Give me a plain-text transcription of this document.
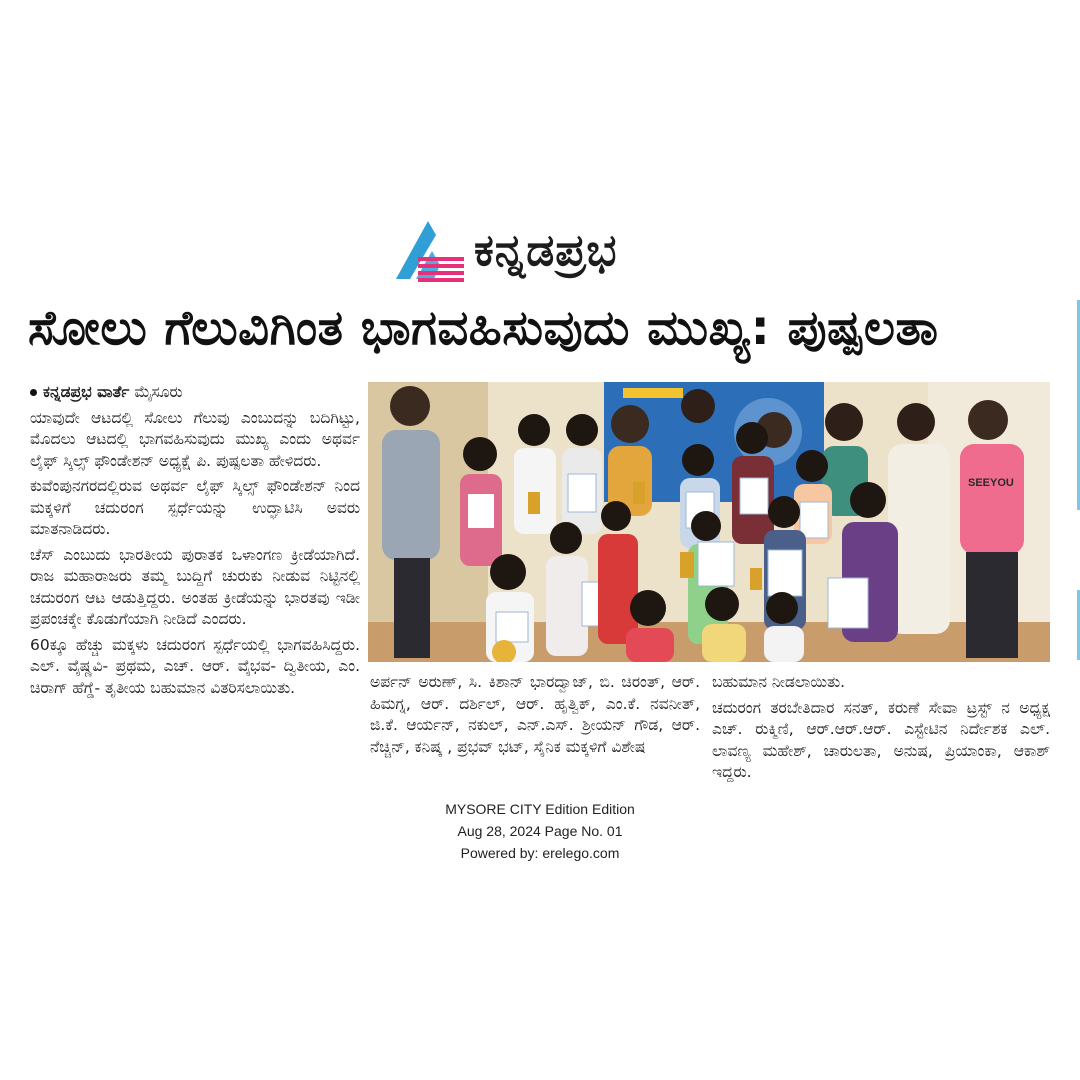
ಕನ್ನಡಪ್ರಭ
ಸೋಲು ಗೆಲುವಿಗಿಂತ ಭಾಗವಹಿಸುವುದು ಮುಖ್ಯ: ಪುಷ್ಪಲತಾ
ಕನ್ನಡಪ್ರಭ ವಾರ್ತೆ ಮೈಸೂರು

ಯಾವುದೇ ಆಟದಲ್ಲಿ ಸೋಲು ಗೆಲುವು ಎಂಬುದನ್ನು ಬದಿಗಿಟ್ಟು, ಮೊದಲು ಆಟದಲ್ಲಿ ಭಾಗವಹಿಸುವುದು ಮುಖ್ಯ ಎಂದು ಅಥರ್ವ ಲೈಫ್ ಸ್ಕಿಲ್ಸ್ ಫೌಂಡೇಶನ್ ಅಧ್ಯಕ್ಷೆ ಪಿ. ಪುಷ್ಪಲತಾ ಹೇಳಿದರು.

ಕುವೆಂಪುನಗರದಲ್ಲಿರುವ ಅಥರ್ವ ಲೈಫ್ ಸ್ಕಿಲ್ಸ್ ಫೌಂಡೇಶನ್ ನಿಂದ ಮಕ್ಕಳಿಗೆ ಚದುರಂಗ ಸ್ಪರ್ಧೆಯನ್ನು ಉದ್ಘಾಟಿಸಿ ಅವರು ಮಾತನಾಡಿದರು.

ಚೆಸ್ ಎಂಬುದು ಭಾರತೀಯ ಪುರಾತಕ ಒಳಾಂಗಣ ಕ್ರೀಡೆಯಾಗಿದೆ. ರಾಜ ಮಹಾರಾಜರು ತಮ್ಮ ಬುದ್ದಿಗೆ ಚುರುಕು ನೀಡುವ ನಿಟ್ಟಿನಲ್ಲಿ ಚದುರಂಗ ಆಟ ಆಡುತ್ತಿದ್ದರು. ಅಂತಹ ಕ್ರೀಡೆಯನ್ನು ಭಾರತವು ಇಡೀ ಪ್ರಪಂಚಕ್ಕೇ ಕೊಡುಗೆಯಾಗಿ ನೀಡಿದೆ ಎಂದರು.

60ಕ್ಕೂ ಹೆಚ್ಚು ಮಕ್ಕಳು ಚದುರಂಗ ಸ್ಪರ್ಧೆಯಲ್ಲಿ ಭಾಗವಹಿಸಿದ್ದರು. ಎಲ್. ವೈಷ್ಣವಿ- ಪ್ರಥಮ, ಎಚ್. ಆರ್. ವೈಭವ- ದ್ವಿತೀಯ, ಎಂ. ಚಿರಾಗ್ ಹೆಗ್ಡೆ- ತೃತೀಯ ಬಹುಮಾನ ವಿತರಿಸಲಾಯಿತು.

SEEYOU

ಅರ್ಪನ್ ಅರುಣ್, ಸಿ. ಕಿಶಾನ್ ಭಾರದ್ವಾಜ್, ಬಿ. ಚಿರಂತ್, ಆರ್. ಹಿಮಗ್ನ, ಆರ್. ದರ್ಶಿಲ್, ಆರ್. ಹೃತ್ವಿಕ್, ಎಂ.ಕೆ. ನವನೀತ್, ಜಿ.ಕೆ. ಆರ್ಯನ್, ನಕುಲ್, ಎನ್.ಎಸ್. ಶ್ರೀಯನ್ ಗೌಡ, ಆರ್. ನೆಚ್ಚಿನ್, ಕನಿಷ್ಕ , ಪ್ರಭವ್ ಭಟ್, ಸೈನಿಕ ಮಕ್ಕಳಿಗೆ ವಿಶೇಷ

ಬಹುಮಾನ ನೀಡಲಾಯಿತು.

ಚದುರಂಗ ತರಬೇತಿದಾರ ಸನತ್, ಕರುಣೆ ಸೇವಾ ಟ್ರಸ್ಟ್ ನ ಅಧ್ಯಕ್ಷ ಎಚ್. ರುಕ್ಮಿಣಿ, ಆರ್.ಆರ್.ಆರ್. ಎಸ್ಟೇಟಿನ ನಿರ್ದೇಶಕ ಎಲ್. ಲಾವಣ್ಯ ಮಹೇಶ್, ಚಾರುಲತಾ, ಅನುಷ, ಪ್ರಿಯಾಂಕಾ, ಆಕಾಶ್ ಇದ್ದರು.

MYSORE CITY Edition Edition
Aug 28, 2024 Page No. 01
Powered by: erelego.com
